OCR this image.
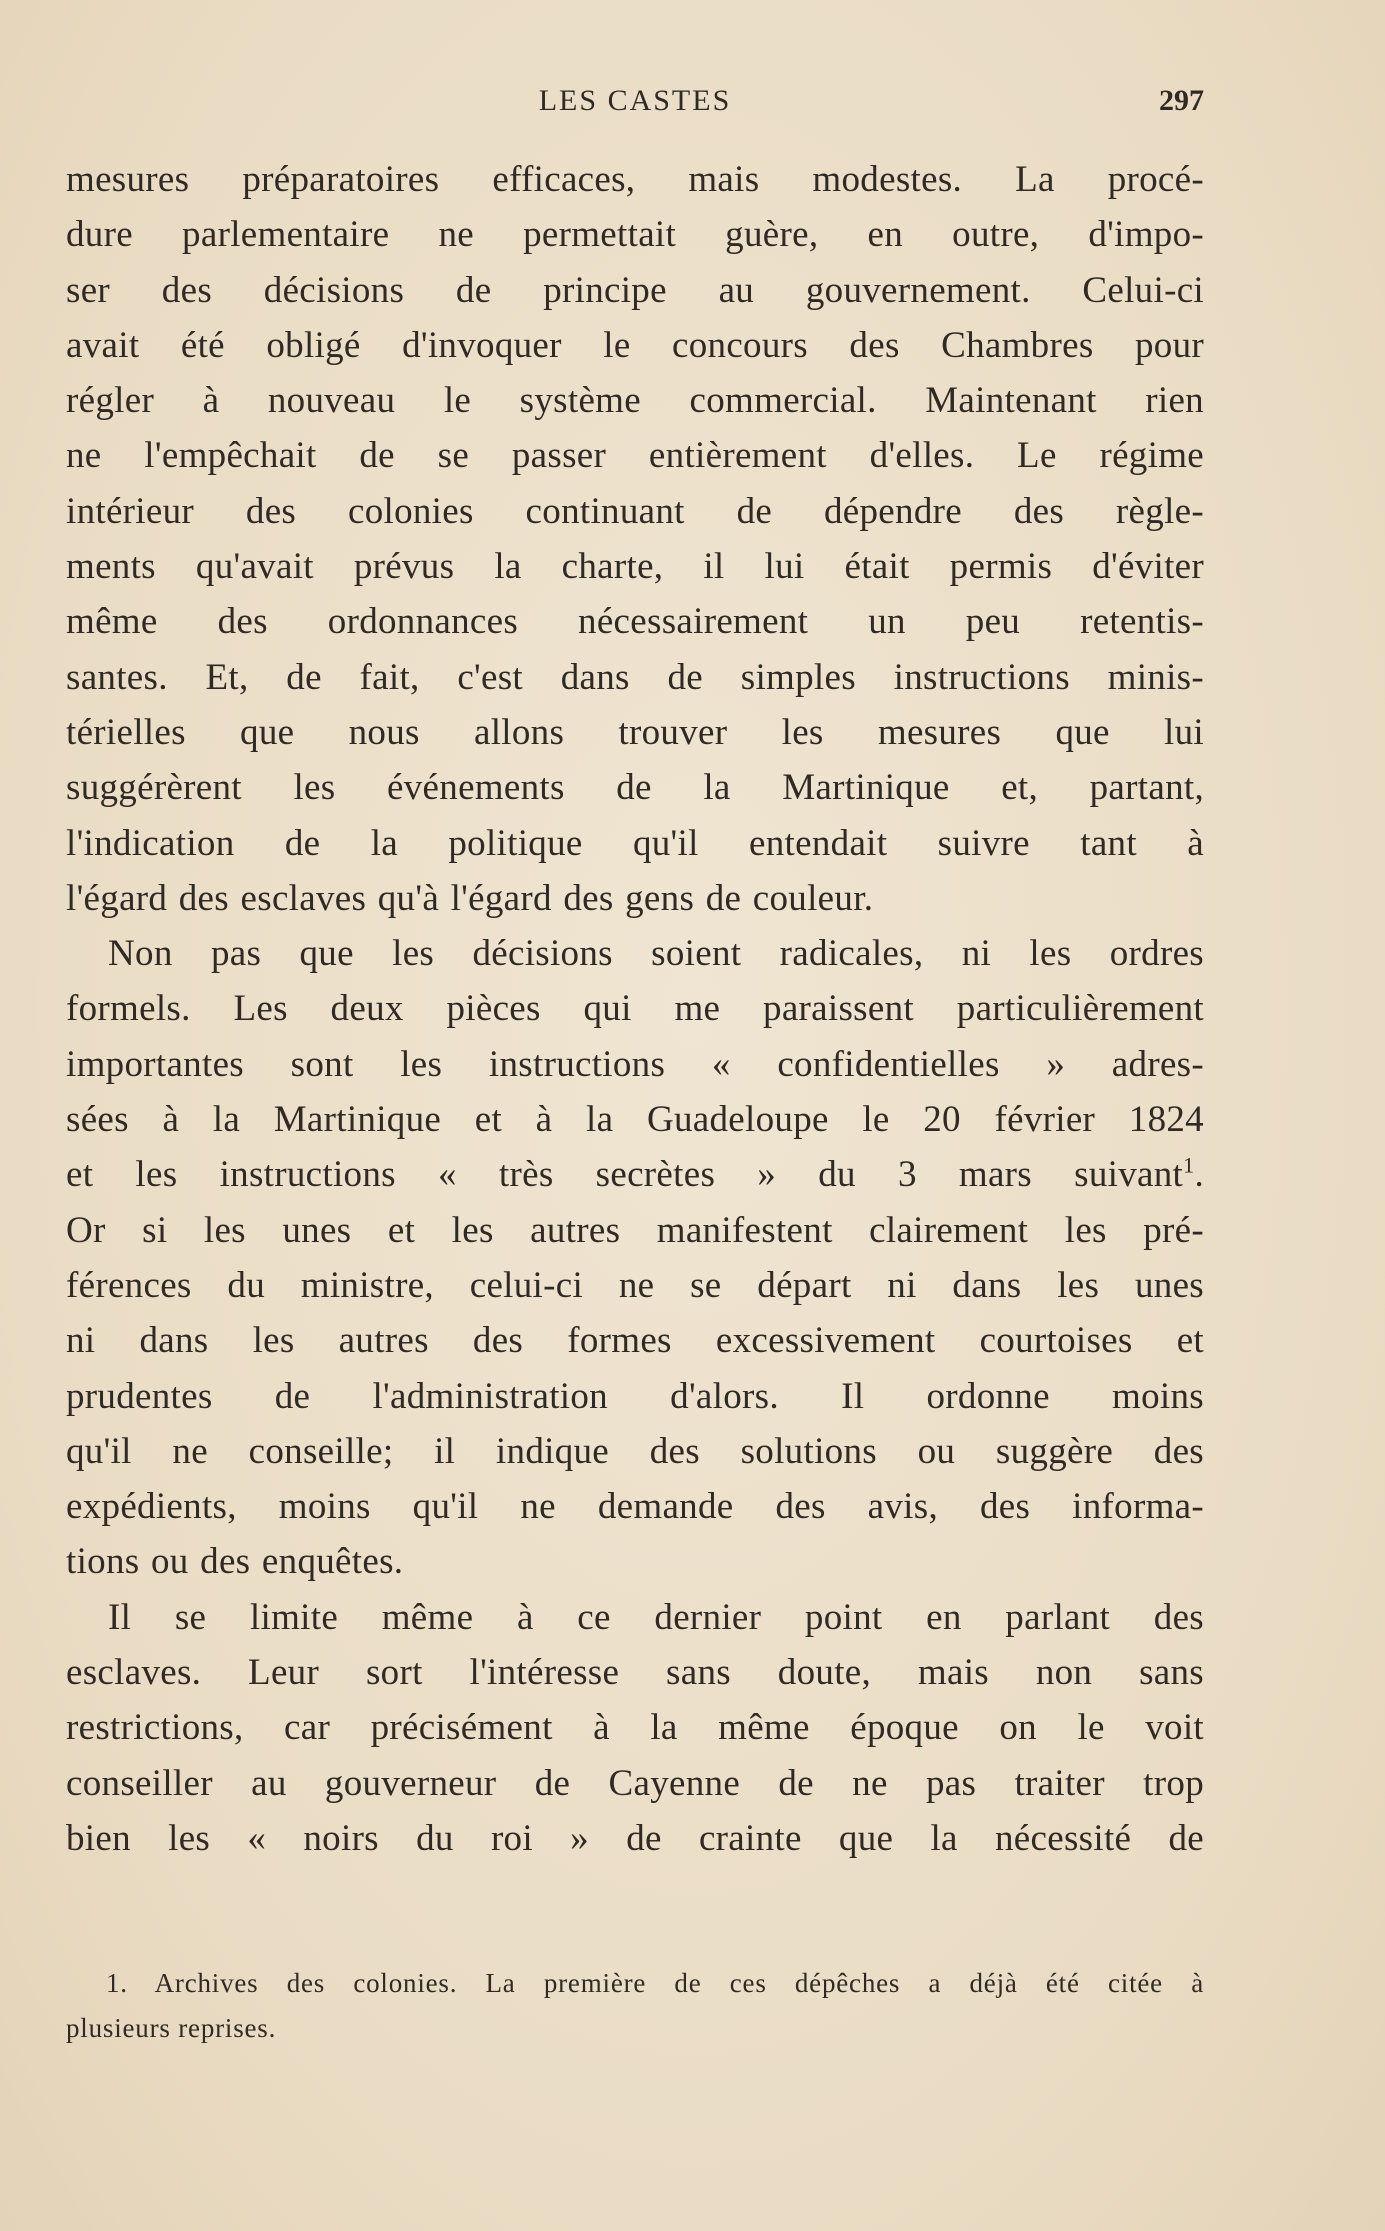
LES CASTES	297
mesures préparatoires efficaces, mais modestes. La procé-
dure parlementaire ne permettait guère, en outre, d'impo-
ser des décisions de principe au gouvernement. Celui-ci
avait été obligé d'invoquer le concours des Chambres pour
régler à nouveau le système commercial. Maintenant rien
ne l'empêchait de se passer entièrement d'elles. Le régime
intérieur des colonies continuant de dépendre des règle-
ments qu'avait prévus la charte, il lui était permis d'éviter
même des ordonnances nécessairement un peu retentis-
santes. Et, de fait, c'est dans de simples instructions minis-
térielles que nous allons trouver les mesures que lui
suggérèrent les événements de la Martinique et, partant,
l'indication de la politique qu'il entendait suivre tant à
l'égard des esclaves qu'à l'égard des gens de couleur.
Non pas que les décisions soient radicales, ni les ordres
formels. Les deux pièces qui me paraissent particulièrement
importantes sont les instructions « confidentielles » adres-
sées à la Martinique et à la Guadeloupe le 20 février 1824
et les instructions « très secrètes » du 3 mars suivant$^1$.
Or si les unes et les autres manifestent clairement les pré-
férences du ministre, celui-ci ne se départ ni dans les unes
ni dans les autres des formes excessivement courtoises et
prudentes de l'administration d'alors. Il ordonne moins
qu'il ne conseille; il indique des solutions ou suggère des
expédients, moins qu'il ne demande des avis, des informa-
tions ou des enquêtes.
Il se limite même à ce dernier point en parlant des
esclaves. Leur sort l'intéresse sans doute, mais non sans
restrictions, car précisément à la même époque on le voit
conseiller au gouverneur de Cayenne de ne pas traiter trop
bien les « noirs du roi » de crainte que la nécessité de
1. Archives des colonies. La première de ces dépêches a déjà été citée à
plusieurs reprises.
